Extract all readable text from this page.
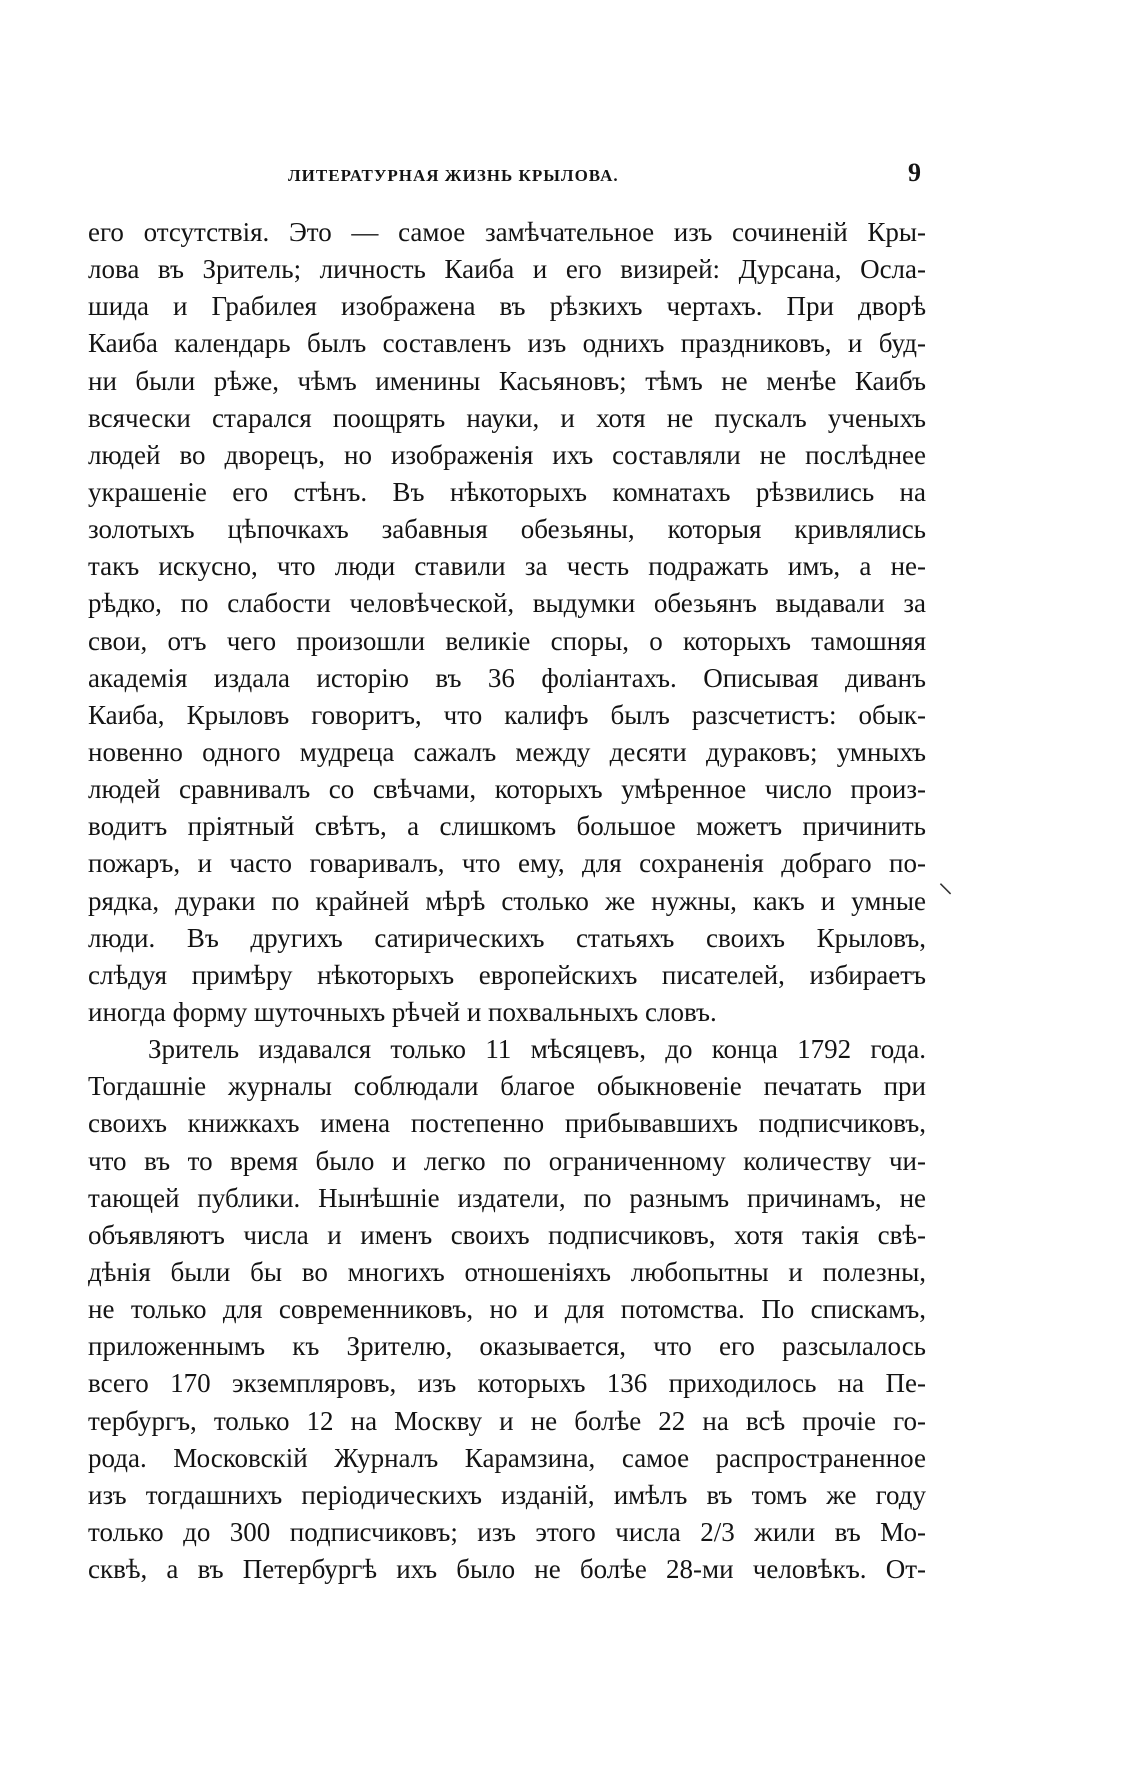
ЛИТЕРАТУРНАЯ ЖИЗНЬ КРЫЛОВА.	9
его отсутствія. Это — самое замѣчательное изъ сочиненій Кры-
лова въ Зритель; личность Каиба и его визирей: Дурсана, Осла-
шида и Грабилея изображена въ рѣзкихъ чертахъ. При дворѣ
Каиба календарь былъ составленъ изъ однихъ праздниковъ, и буд-
ни были рѣже, чѣмъ именины Касьяновъ; тѣмъ не менѣе Каибъ
всячески старался поощрять науки, и хотя не пускалъ ученыхъ
людей во дворецъ, но изображенія ихъ составляли не послѣднее
украшеніе его стѣнъ. Въ нѣкоторыхъ комнатахъ рѣзвились на
золотыхъ цѣпочкахъ забавныя обезьяны, которыя кривлялись
такъ искусно, что люди ставили за честь подражать имъ, а не-
рѣдко, по слабости человѣческой, выдумки обезьянъ выдавали за
свои, отъ чего произошли великіе споры, о которыхъ тамошняя
академія издала исторію въ 36 фоліантахъ. Описывая диванъ
Каиба, Крыловъ говоритъ, что калифъ былъ разсчетистъ: обык-
новенно одного мудреца сажалъ между десяти дураковъ; умныхъ
людей сравнивалъ со свѣчами, которыхъ умѣренное число произ-
водитъ пріятный свѣтъ, а слишкомъ большое можетъ причинить
пожаръ, и часто говаривалъ, что ему, для сохраненія добраго по-
рядка, дураки по крайней мѣрѣ столько же нужны, какъ и умные
люди. Въ другихъ сатирическихъ статьяхъ своихъ Крыловъ,
слѣдуя примѣру нѣкоторыхъ европейскихъ писателей, избираетъ
иногда форму шуточныхъ рѣчей и похвальныхъ словъ.
Зритель издавался только 11 мѣсяцевъ, до конца 1792 года.
Тогдашніе журналы соблюдали благое обыкновеніе печатать при
своихъ книжкахъ имена постепенно прибывавшихъ подписчиковъ,
что въ то время было и легко по ограниченному количеству чи-
тающей публики. Нынѣшніе издатели, по разнымъ причинамъ, не
объявляютъ числа и именъ своихъ подписчиковъ, хотя такія свѣ-
дѣнія были бы во многихъ отношеніяхъ любопытны и полезны,
не только для современниковъ, но и для потомства. По спискамъ,
приложеннымъ къ Зрителю, оказывается, что его разсылалось
всего 170 экземпляровъ, изъ которыхъ 136 приходилось на Пе-
тербургъ, только 12 на Москву и не болѣе 22 на всѣ прочіе го-
рода. Московскій Журналъ Карамзина, самое распространенное
изъ тогдашнихъ періодическихъ изданій, имѣлъ въ томъ же году
только до 300 подписчиковъ; изъ этого числа 2/3 жили въ Мо-
сквѣ, а въ Петербургѣ ихъ было не болѣе 28-ми человѣкъ. От-
⸜
